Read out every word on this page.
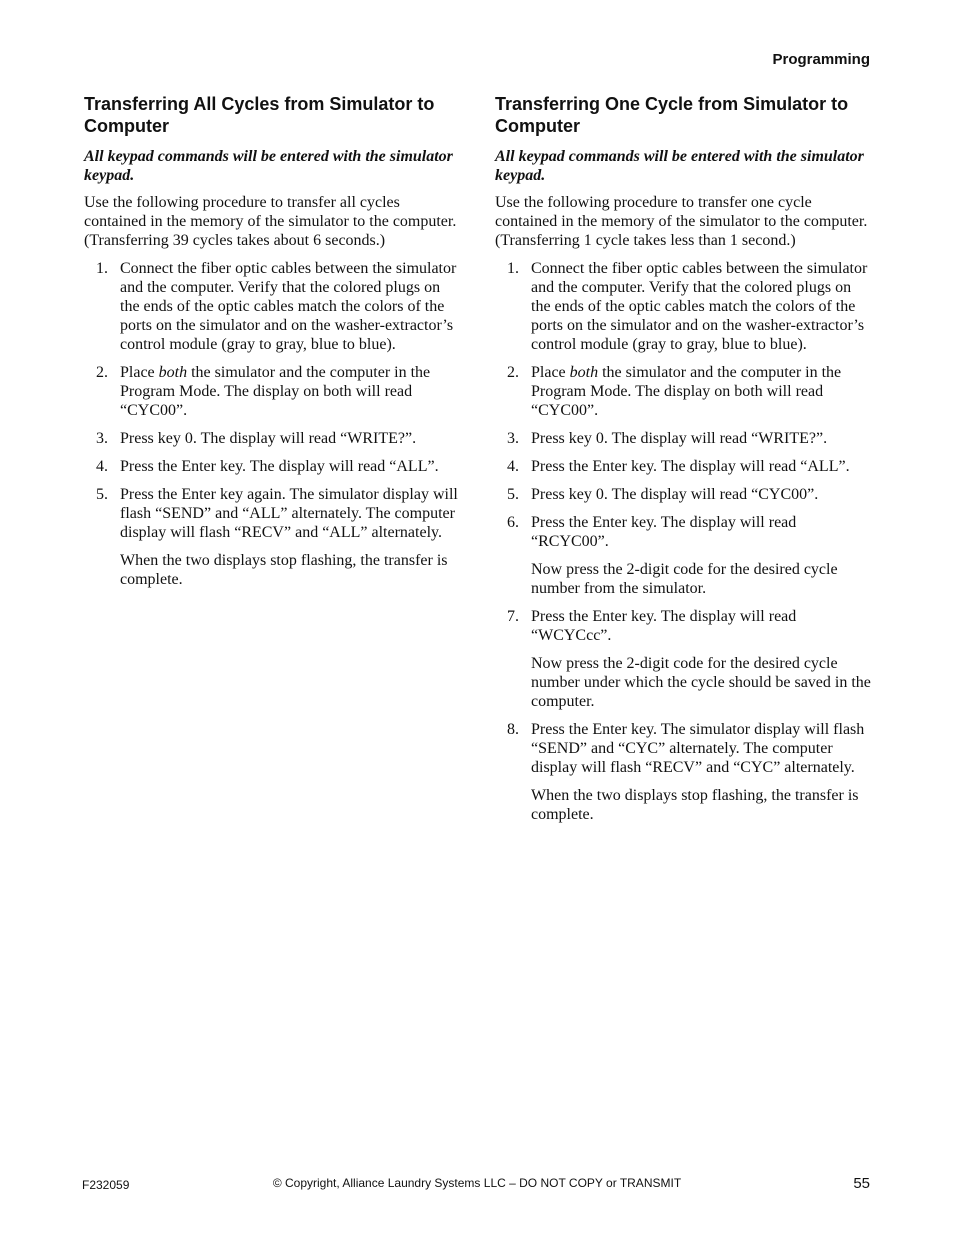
Programming
Transferring All Cycles from Simulator to Computer

All keypad commands will be entered with the simulator keypad.

Use the following procedure to transfer all cycles contained in the memory of the simulator to the computer. (Transferring 39 cycles takes about 6 seconds.)

1. Connect the fiber optic cables between the simulator and the computer. Verify that the colored plugs on the ends of the optic cables match the colors of the ports on the simulator and on the washer-extractor’s control module (gray to gray, blue to blue).
2. Place both the simulator and the computer in the Program Mode. The display on both will read “CYC00”.
3. Press key 0. The display will read “WRITE?”.
4. Press the Enter key. The display will read “ALL”.
5. Press the Enter key again. The simulator display will flash “SEND” and “ALL” alternately. The computer display will flash “RECV” and “ALL” alternately.
When the two displays stop flashing, the transfer is complete.
Transferring One Cycle from Simulator to Computer

All keypad commands will be entered with the simulator keypad.

Use the following procedure to transfer one cycle contained in the memory of the simulator to the computer. (Transferring 1 cycle takes less than 1 second.)

1. Connect the fiber optic cables between the simulator and the computer. Verify that the colored plugs on the ends of the optic cables match the colors of the ports on the simulator and on the washer-extractor’s control module (gray to gray, blue to blue).
2. Place both the simulator and the computer in the Program Mode. The display on both will read “CYC00”.
3. Press key 0. The display will read “WRITE?”.
4. Press the Enter key. The display will read “ALL”.
5. Press key 0. The display will read “CYC00”.
6. Press the Enter key. The display will read “RCYC00”.
Now press the 2-digit code for the desired cycle number from the simulator.
7. Press the Enter key. The display will read “WCYCcc”.
Now press the 2-digit code for the desired cycle number under which the cycle should be saved in the computer.
8. Press the Enter key. The simulator display will flash “SEND” and “CYC” alternately. The computer display will flash “RECV” and “CYC” alternately.
When the two displays stop flashing, the transfer is complete.
F232059	© Copyright, Alliance Laundry Systems LLC – DO NOT COPY or TRANSMIT	55
